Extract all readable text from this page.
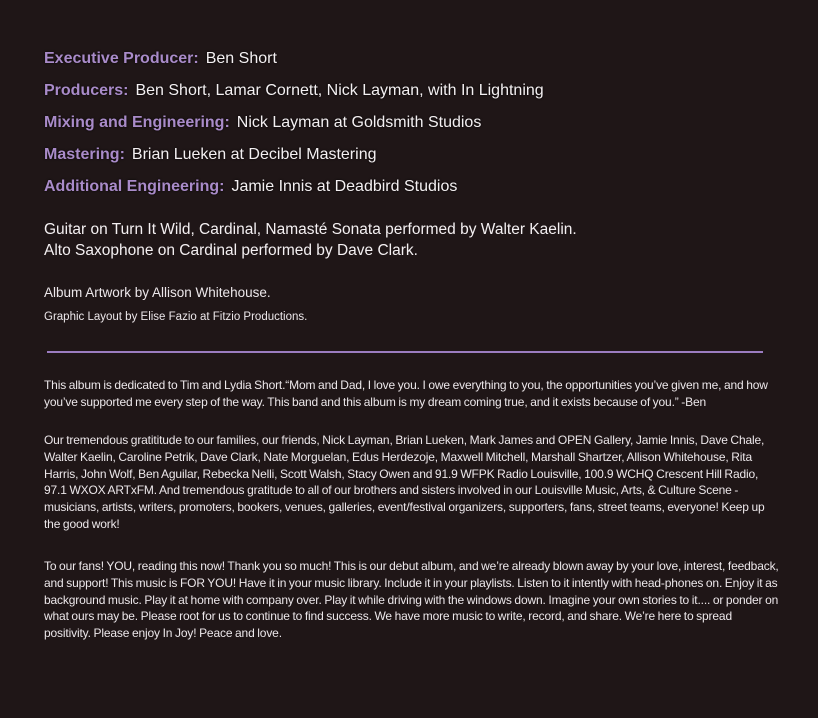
Executive Producer: Ben Short
Producers: Ben Short, Lamar Cornett, Nick Layman, with In Lightning
Mixing and Engineering: Nick Layman at Goldsmith Studios
Mastering: Brian Lueken at Decibel Mastering
Additional Engineering: Jamie Innis at Deadbird Studios
Guitar on Turn It Wild, Cardinal, Namasté Sonata performed by Walter Kaelin.
Alto Saxophone on Cardinal performed by Dave Clark.
Album Artwork by Allison Whitehouse.
Graphic Layout by Elise Fazio at Fitzio Productions.
This album is dedicated to Tim and Lydia Short.“Mom and Dad, I love you. I owe everything to you, the opportunities you’ve given me, and how you’ve supported me every step of the way. This band and this album is my dream coming true, and it exists because of you.” -Ben
Our tremendous gratititude to our families, our friends, Nick Layman, Brian Lueken, Mark James and OPEN Gallery, Jamie Innis, Dave Chale, Walter Kaelin, Caroline Petrik, Dave Clark, Nate Morguelan, Edus Herdezoje, Maxwell Mitchell, Marshall Shartzer, Allison Whitehouse, Rita Harris, John Wolf, Ben Aguilar, Rebecka Nelli, Scott Walsh, Stacy Owen and 91.9 WFPK Radio Louisville, 100.9 WCHQ Crescent Hill Radio, 97.1 WXOX ARTxFM. And tremendous gratitude to all of our brothers and sisters involved in our Louisville Music, Arts, & Culture Scene - musicians, artists, writers, promoters, bookers, venues, galleries, event/festival organizers, supporters, fans, street teams, everyone! Keep up the good work!
To our fans! YOU, reading this now! Thank you so much! This is our debut album, and we’re already blown away by your love, interest, feedback, and support! This music is FOR YOU! Have it in your music library. Include it in your playlists. Listen to it intently with head-phones on. Enjoy it as background music. Play it at home with company over. Play it while driving with the windows down. Imagine your own stories to it.... or ponder on what ours may be. Please root for us to continue to find success. We have more music to write, record, and share. We’re here to spread positivity. Please enjoy In Joy! Peace and love.
